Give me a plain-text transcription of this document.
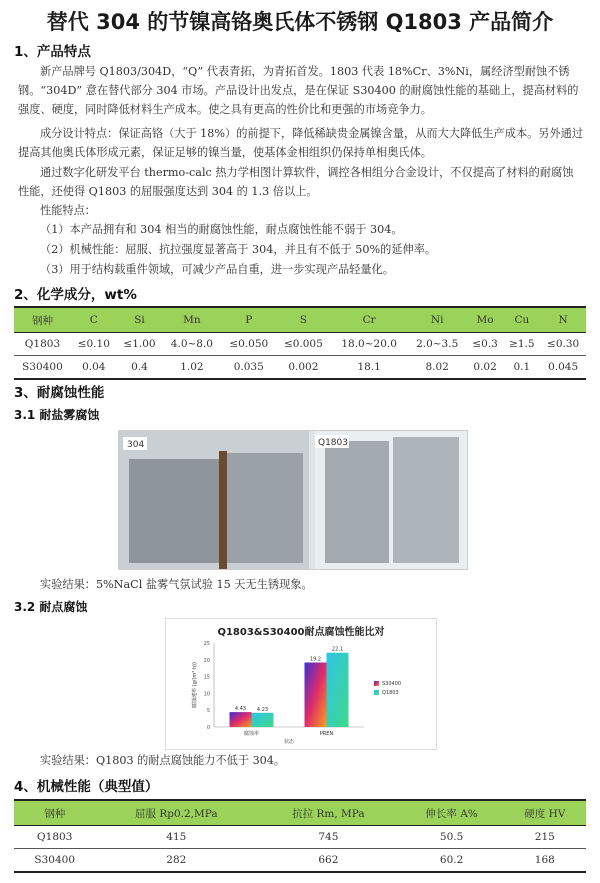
替代 304 的节镍高铬奥氏体不锈钢 Q1803 产品简介
1、产品特点

新产品牌号 Q1803/304D，“Q” 代表青拓，为青拓首发。1803 代表 18%Cr、3%Ni，属经济型耐蚀不锈钢。“304D” 意在替代部分 304 市场。产品设计出发点，是在保证 S30400 的耐腐蚀性能的基础上，提高材料的强度、硬度，同时降低材料生产成本。使之具有更高的性价比和更强的市场竞争力。

成分设计特点：保证高铬（大于 18%）的前提下，降低稀缺贵金属镍含量，从而大大降低生产成本。另外通过提高其他奥氏体形成元素，保证足够的镍当量，使基体金相组织仍保持单相奥氏体。

通过数字化研发平台 thermo-calc 热力学相图计算软件，调控各相组分合金设计，不仅提高了材料的耐腐蚀性能，还使得 Q1803 的屈服强度达到 304 的 1.3 倍以上。

性能特点：
（1）本产品拥有和 304 相当的耐腐蚀性能，耐点腐蚀性能不弱于 304。
（2）机械性能：屈服、抗拉强度显著高于 304，并且有不低于 50%的延伸率。
（3）用于结构载重件领域，可减少产品自重，进一步实现产品轻量化。
2、化学成分，wt%
钢种	C	Si	Mn	P	S	Cr	Ni	Mo	Cu	N
Q1803	≤0.10	≤1.00	4.0~8.0	≤0.050	≤0.005	18.0~20.0	2.0~3.5	≤0.3	≥1.5	≤0.30
S30400	0.04	0.4	1.02	0.035	0.002	18.1	8.02	0.02	0.1	0.045
3、耐腐蚀性能
3.1 耐盐雾腐蚀
304	Q1803
实验结果：5%NaCl 盐雾气氛试验 15 天无生锈现象。
3.2 耐点腐蚀
Q1803&S30400耐点腐蚀性能比对
0
5
10
15
20
25
腐蚀速率 (g/(m²·h))
4.43 4.23
腐蚀率
19.2
22.1
PREN
状态
S30400
Q1803
实验结果：Q1803 的耐点腐蚀能力不低于 304。
4、机械性能（典型值）
钢种	屈服 Rp0.2,MPa	抗拉 Rm, MPa	伸长率 A%	硬度 HV
Q1803	415	745	50.5	215
S30400	282	662	60.2	168
